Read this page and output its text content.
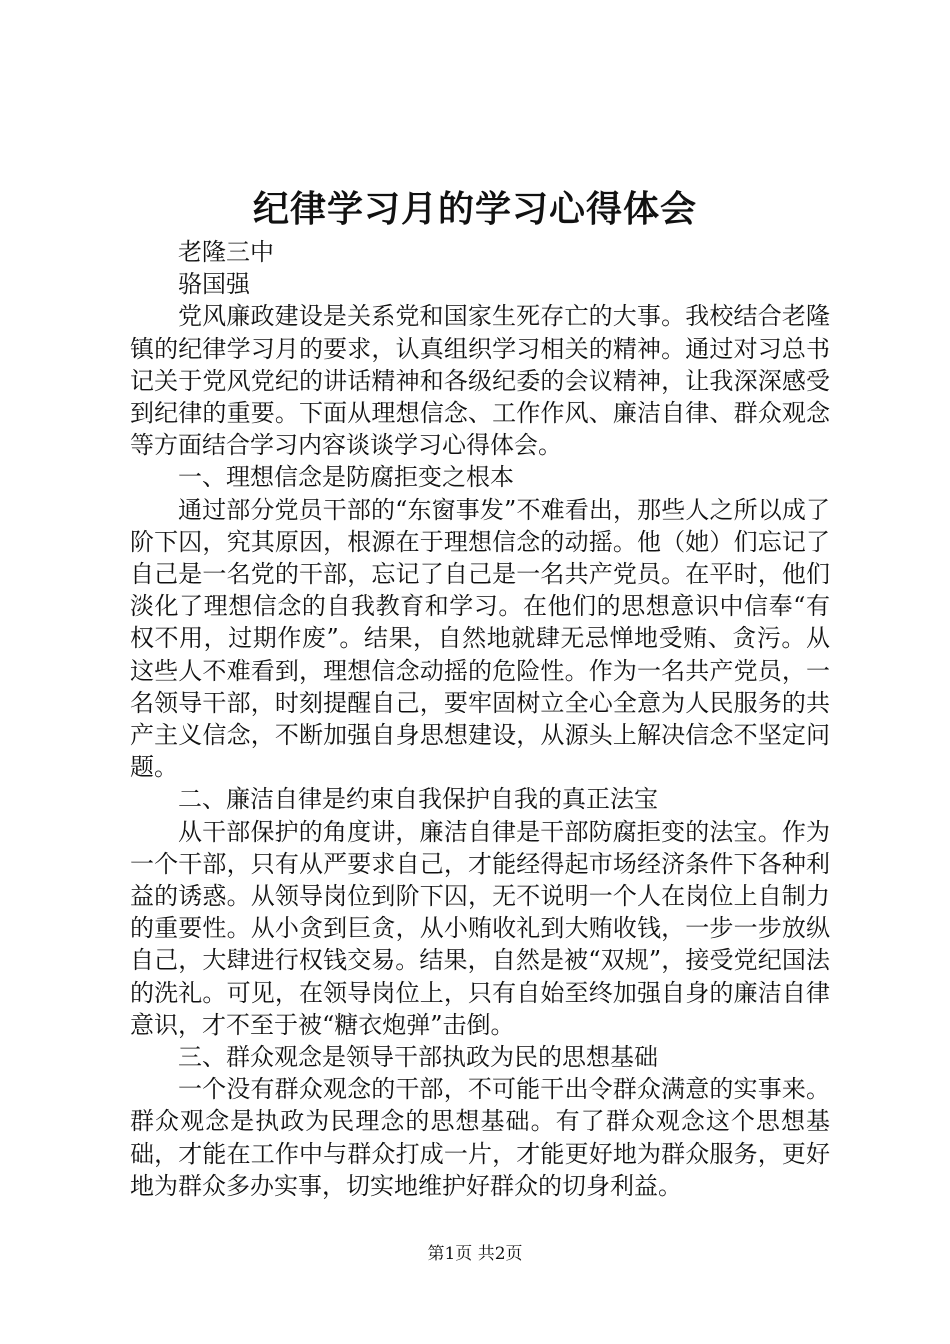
纪律学习月的学习心得体会

老隆三中

骆国强

党风廉政建设是关系党和国家生死存亡的大事。我校结合老隆镇的纪律学习月的要求，认真组织学习相关的精神。通过对习总书记关于党风党纪的讲话精神和各级纪委的会议精神，让我深深感受到纪律的重要。下面从理想信念、工作作风、廉洁自律、群众观念等方面结合学习内容谈谈学习心得体会。

一、理想信念是防腐拒变之根本

通过部分党员干部的“东窗事发”不难看出，那些人之所以成了阶下囚，究其原因，根源在于理想信念的动摇。他（她）们忘记了自己是一名党的干部，忘记了自己是一名共产党员。在平时，他们淡化了理想信念的自我教育和学习。在他们的思想意识中信奉“有权不用，过期作废”。结果，自然地就肆无忌惮地受贿、贪污。从这些人不难看到，理想信念动摇的危险性。作为一名共产党员，一名领导干部，时刻提醒自己，要牢固树立全心全意为人民服务的共产主义信念，不断加强自身思想建设，从源头上解决信念不坚定问题。

二、廉洁自律是约束自我保护自我的真正法宝

从干部保护的角度讲，廉洁自律是干部防腐拒变的法宝。作为一个干部，只有从严要求自己，才能经得起市场经济条件下各种利益的诱惑。从领导岗位到阶下囚，无不说明一个人在岗位上自制力的重要性。从小贪到巨贪，从小贿收礼到大贿收钱，一步一步放纵自己，大肆进行权钱交易。结果，自然是被“双规”，接受党纪国法的洗礼。可见，在领导岗位上，只有自始至终加强自身的廉洁自律意识，才不至于被“糖衣炮弹”击倒。

三、群众观念是领导干部执政为民的思想基础

一个没有群众观念的干部，不可能干出令群众满意的实事来。群众观念是执政为民理念的思想基础。有了群众观念这个思想基础，才能在工作中与群众打成一片，才能更好地为群众服务，更好地为群众多办实事，切实地维护好群众的切身利益。

第1页 共2页
